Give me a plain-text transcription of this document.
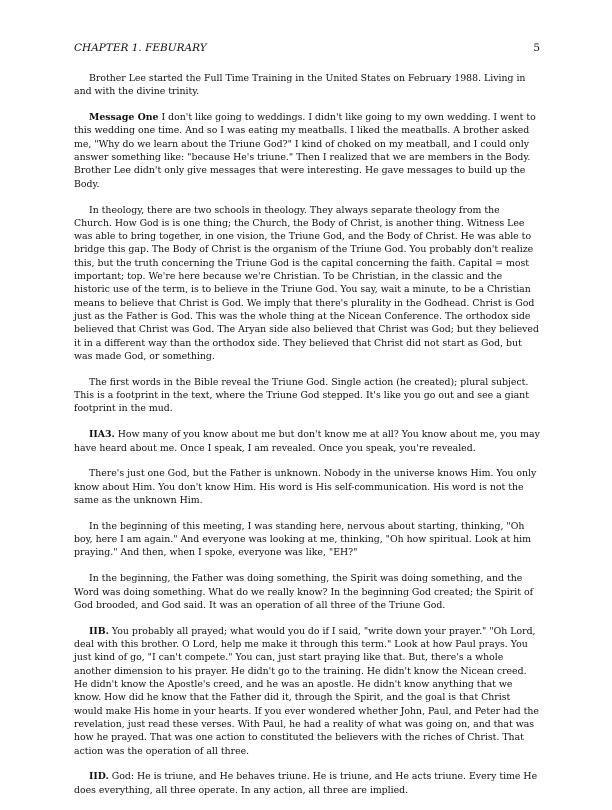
CHAPTER 1. FEBURARY	5

Brother Lee started the Full Time Training in the United States on February 1988. Living in and with the divine trinity.

Message One I don't like going to weddings. I didn't like going to my own wedding. I went to this wedding one time. And so I was eating my meatballs. I liked the meatballs. A brother asked me, "Why do we learn about the Triune God?" I kind of choked on my meatball, and I could only answer something like: "because He's triune." Then I realized that we are members in the Body. Brother Lee didn't only give messages that were interesting. He gave messages to build up the Body.

In theology, there are two schools in theology. They always separate theology from the Church. How God is is one thing; the Church, the Body of Christ, is another thing. Witness Lee was able to bring together, in one vision, the Triune God, and the Body of Christ. He was able to bridge this gap. The Body of Christ is the organism of the Triune God. You probably don't realize this, but the truth concerning the Triune God is the capital concerning the faith. Capital = most important; top. We're here because we're Christian. To be Christian, in the classic and the historic use of the term, is to believe in the Triune God. You say, wait a minute, to be a Christian means to believe that Christ is God. We imply that there's plurality in the Godhead. Christ is God just as the Father is God. This was the whole thing at the Nicean Conference. The orthodox side believed that Christ was God. The Aryan side also believed that Christ was God; but they believed it in a different way than the orthodox side. They believed that Christ did not start as God, but was made God, or something.

The first words in the Bible reveal the Triune God. Single action (he created); plural subject. This is a footprint in the text, where the Triune God stepped. It's like you go out and see a giant footprint in the mud.

IIA3. How many of you know about me but don't know me at all? You know about me, you may have heard about me. Once I speak, I am revealed. Once you speak, you're revealed.

There's just one God, but the Father is unknown. Nobody in the universe knows Him. You only know about Him. You don't know Him. His word is His self-communication. His word is not the same as the unknown Him.

In the beginning of this meeting, I was standing here, nervous about starting, thinking, "Oh boy, here I am again." And everyone was looking at me, thinking, "Oh how spiritual. Look at him praying." And then, when I spoke, everyone was like, "EH?"

In the beginning, the Father was doing something, the Spirit was doing something, and the Word was doing something. What do we really know? In the beginning God created; the Spirit of God brooded, and God said. It was an operation of all three of the Triune God.

IIB. You probably all prayed; what would you do if I said, "write down your prayer." "Oh Lord, deal with this brother. O Lord, help me make it through this term." Look at how Paul prays. You just kind of go, "I can't compete." You can, just start praying like that. But, there's a whole another dimension to his prayer. He didn't go to the training. He didn't know the Nicean creed. He didn't know the Apostle's creed, and he was an apostle. He didn't know anything that we know. How did he know that the Father did it, through the Spirit, and the goal is that Christ would make His home in your hearts. If you ever wondered whether John, Paul, and Peter had the revelation, just read these verses. With Paul, he had a reality of what was going on, and that was how he prayed. That was one action to constituted the believers with the riches of Christ. That action was the operation of all three.

IID. God: He is triune, and He behaves triune. He is triune, and He acts triune. Every time He does everything, all three operate. In any action, all three are implied.
